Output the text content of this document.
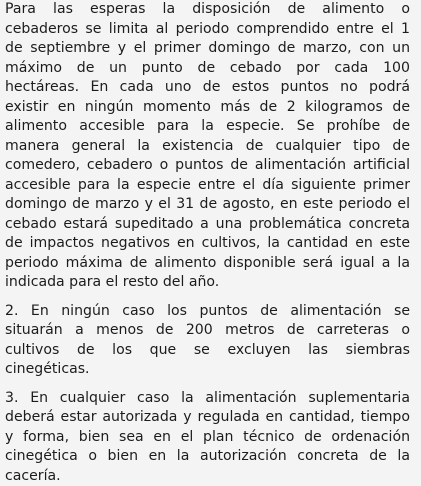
Para las esperas la disposición de alimento o
cebaderos se limita al periodo comprendido entre el 1
de septiembre y el primer domingo de marzo, con un
máximo de un punto de cebado por cada 100
hectáreas. En cada uno de estos puntos no podrá
existir en ningún momento más de 2 kilogramos de
alimento accesible para la especie. Se prohíbe de
manera general la existencia de cualquier tipo de
comedero, cebadero o puntos de alimentación artificial
accesible para la especie entre el día siguiente primer
domingo de marzo y el 31 de agosto, en este periodo el
cebado estará supeditado a una problemática concreta
de impactos negativos en cultivos, la cantidad en este
periodo máxima de alimento disponible será igual a la
indicada para el resto del año.
2. En ningún caso los puntos de alimentación se
situarán a menos de 200 metros de carreteras o
cultivos de los que se excluyen las siembras
cinegéticas.
3. En cualquier caso la alimentación suplementaria
deberá estar autorizada y regulada en cantidad, tiempo
y forma, bien sea en el plan técnico de ordenación
cinegética o bien en la autorización concreta de la
cacería.
